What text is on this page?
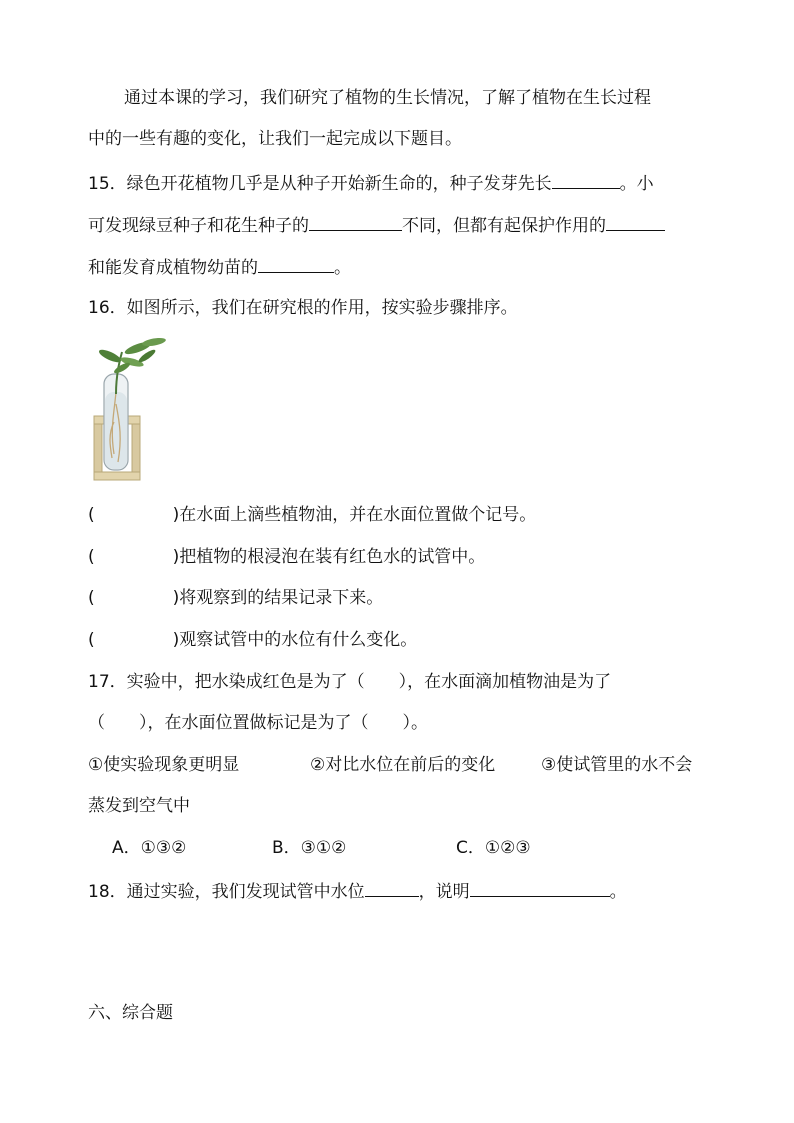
通过本课的学习，我们研究了植物的生长情况，了解了植物在生长过程
中的一些有趣的变化，让我们一起完成以下题目。
15．绿色开花植物几乎是从种子开始新生命的，种子发芽先长	。小
可发现绿豆种子和花生种子的	不同，但都有起保护作用的
和能发育成植物幼苗的	。
16．如图所示，我们在研究根的作用，按实验步骤排序。
(	)在水面上滴些植物油，并在水面位置做个记号。
(	)把植物的根浸泡在装有红色水的试管中。
(	)将观察到的结果记录下来。
(	)观察试管中的水位有什么变化。
17．实验中，把水染成红色是为了（ ），在水面滴加植物油是为了
（ ），在水面位置做标记是为了（ ）。
①使实验现象更明显	②对比水位在前后的变化	③使试管里的水不会
蒸发到空气中
A．①③②	B．③①②	C．①②③
18．通过实验，我们发现试管中水位	，说明	。
六、综合题
